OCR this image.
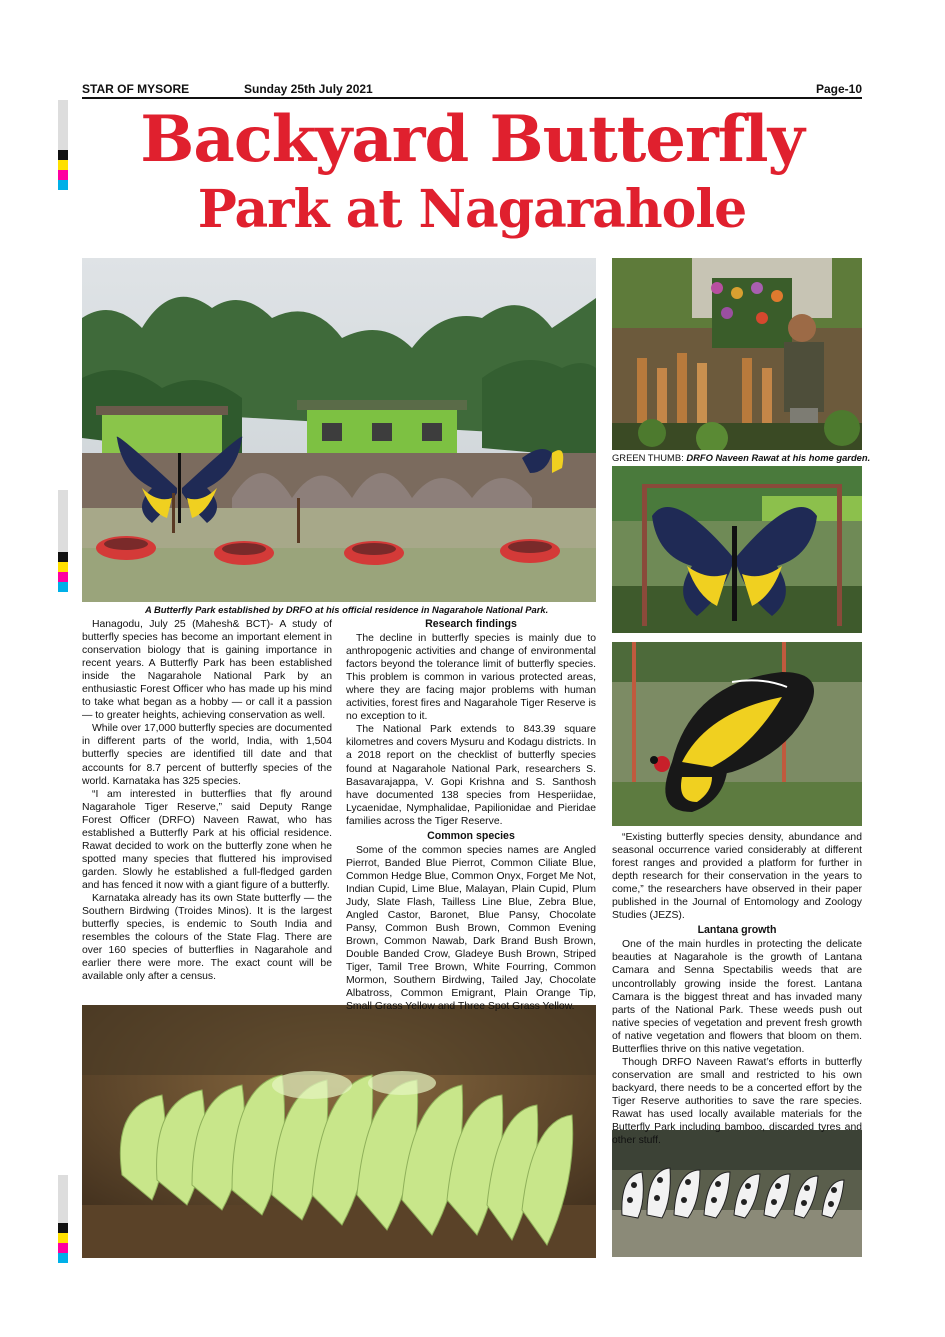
STAR OF MYSORE	Sunday 25th July 2021	Page-10
Backyard Butterfly
Park at Nagarahole
A Butterfly Park established by DRFO at his official residence in Nagarahole National Park.
GREEN THUMB: DRFO Naveen Rawat at his home garden.

Hanagodu, July 25 (Mahesh& BCT)- A study of butterfly species has become an important element in conservation biology that is gaining importance in recent years. A Butterfly Park has been established inside the Nagarahole National Park by an enthusiastic Forest Officer who has made up his mind to take what began as a hobby — or call it a passion — to greater heights, achieving conservation as well.

While over 17,000 butterfly species are documented in different parts of the world, India, with 1,504 butterfly species are identified till date and that accounts for 8.7 percent of butterfly species of the world. Karnataka has 325 species.

“I am interested in butterflies that fly around Nagarahole Tiger Reserve,” said Deputy Range Forest Officer (DRFO) Naveen Rawat, who has established a Butterfly Park at his official residence. Rawat decided to work on the butterfly zone when he spotted many species that fluttered his improvised garden. Slowly he established a full-fledged garden and has fenced it now with a giant figure of a butterfly.

Karnataka already has its own State butterfly — the Southern Birdwing (Troides Minos). It is the largest butterfly species, is endemic to South India and resembles the colours of the State Flag. There are over 160 species of butterflies in Nagarahole and earlier there were more. The exact count will be available only after a census.

Research findings

The decline in butterfly species is mainly due to anthropogenic activities and change of environmental factors beyond the tolerance limit of butterfly species. This problem is common in various protected areas, where they are facing major problems with human activities, forest fires and Nagarahole Tiger Reserve is no exception to it.

The National Park extends to 843.39 square kilometres and covers Mysuru and Kodagu districts. In a 2018 report on the checklist of butterfly species found at Nagarahole National Park, researchers S. Basavarajappa, V. Gopi Krishna and S. Santhosh have documented 138 species from Hesperiidae, Lycaenidae, Nymphalidae, Papilionidae and Pieridae families across the Tiger Reserve.

Common species

Some of the common species names are Angled Pierrot, Banded Blue Pierrot, Common Ciliate Blue, Common Hedge Blue, Common Onyx, Forget Me Not, Indian Cupid, Lime Blue, Malayan, Plain Cupid, Plum Judy, Slate Flash, Tailless Line Blue, Zebra Blue, Angled Castor, Baronet, Blue Pansy, Chocolate Pansy, Common Bush Brown, Common Evening Brown, Common Nawab, Dark Brand Bush Brown, Double Banded Crow, Gladeye Bush Brown, Striped Tiger, Tamil Tree Brown, White Fourring, Common Mormon, Southern Birdwing, Tailed Jay, Chocolate Albatross, Common Emigrant, Plain Orange Tip, Small Grass Yellow and Three Spot Grass Yellow.

“Existing butterfly species density, abundance and seasonal occurrence varied considerably at different forest ranges and provided a platform for further in depth research for their conservation in the years to come,” the researchers have observed in their paper published in the Journal of Entomology and Zoology Studies (JEZS).

Lantana growth

One of the main hurdles in protecting the delicate beauties at Nagarahole is the growth of Lantana Camara and Senna Spectabilis weeds that are uncontrollably growing inside the forest. Lantana Camara is the biggest threat and has invaded many parts of the National Park. These weeds push out native species of vegetation and prevent fresh growth of native vegetation and flowers that bloom on them. Butterflies thrive on this native vegetation.

Though DRFO Naveen Rawat’s efforts in butterfly conservation are small and restricted to his own backyard, there needs to be a concerted effort by the Tiger Reserve authorities to save the rare species. Rawat has used locally available materials for the Butterfly Park including bamboo, discarded tyres and other stuff.
